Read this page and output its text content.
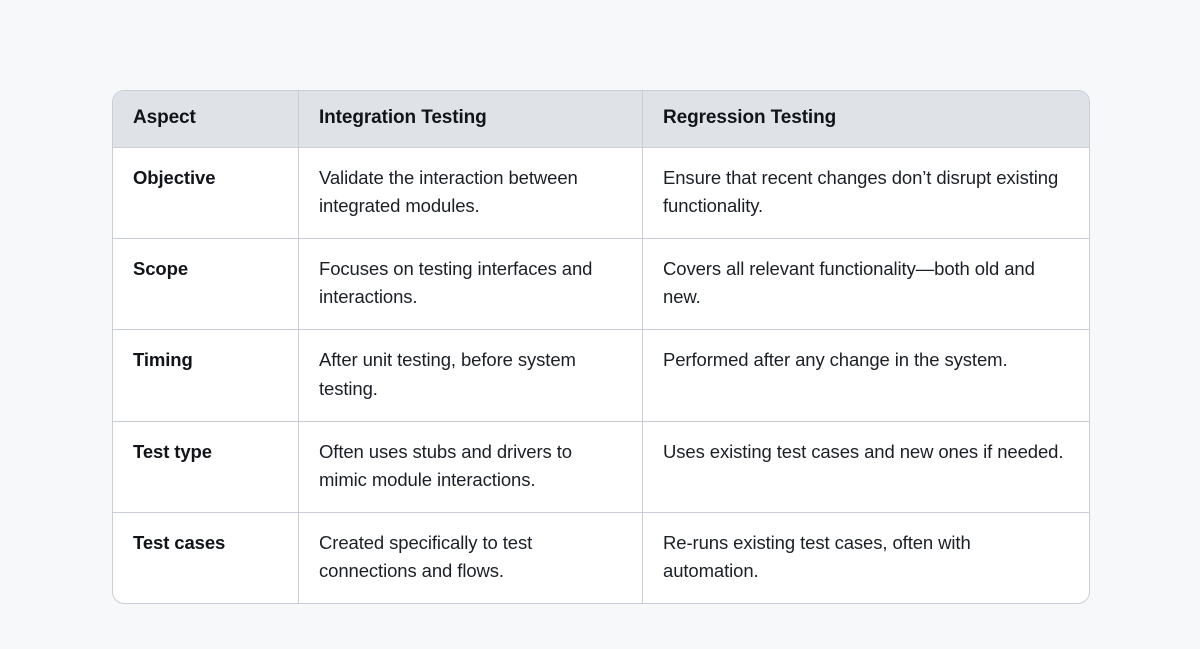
Aspect	Integration Testing	Regression Testing
Objective	Validate the interaction between integrated modules.	Ensure that recent changes don’t disrupt existing functionality.
Scope	Focuses on testing interfaces and interactions.	Covers all relevant functionality—both old and new.
Timing	After unit testing, before system testing.	Performed after any change in the system.
Test type	Often uses stubs and drivers to mimic module interactions.	Uses existing test cases and new ones if needed.
Test cases	Created specifically to test connections and flows.	Re-runs existing test cases, often with automation.
